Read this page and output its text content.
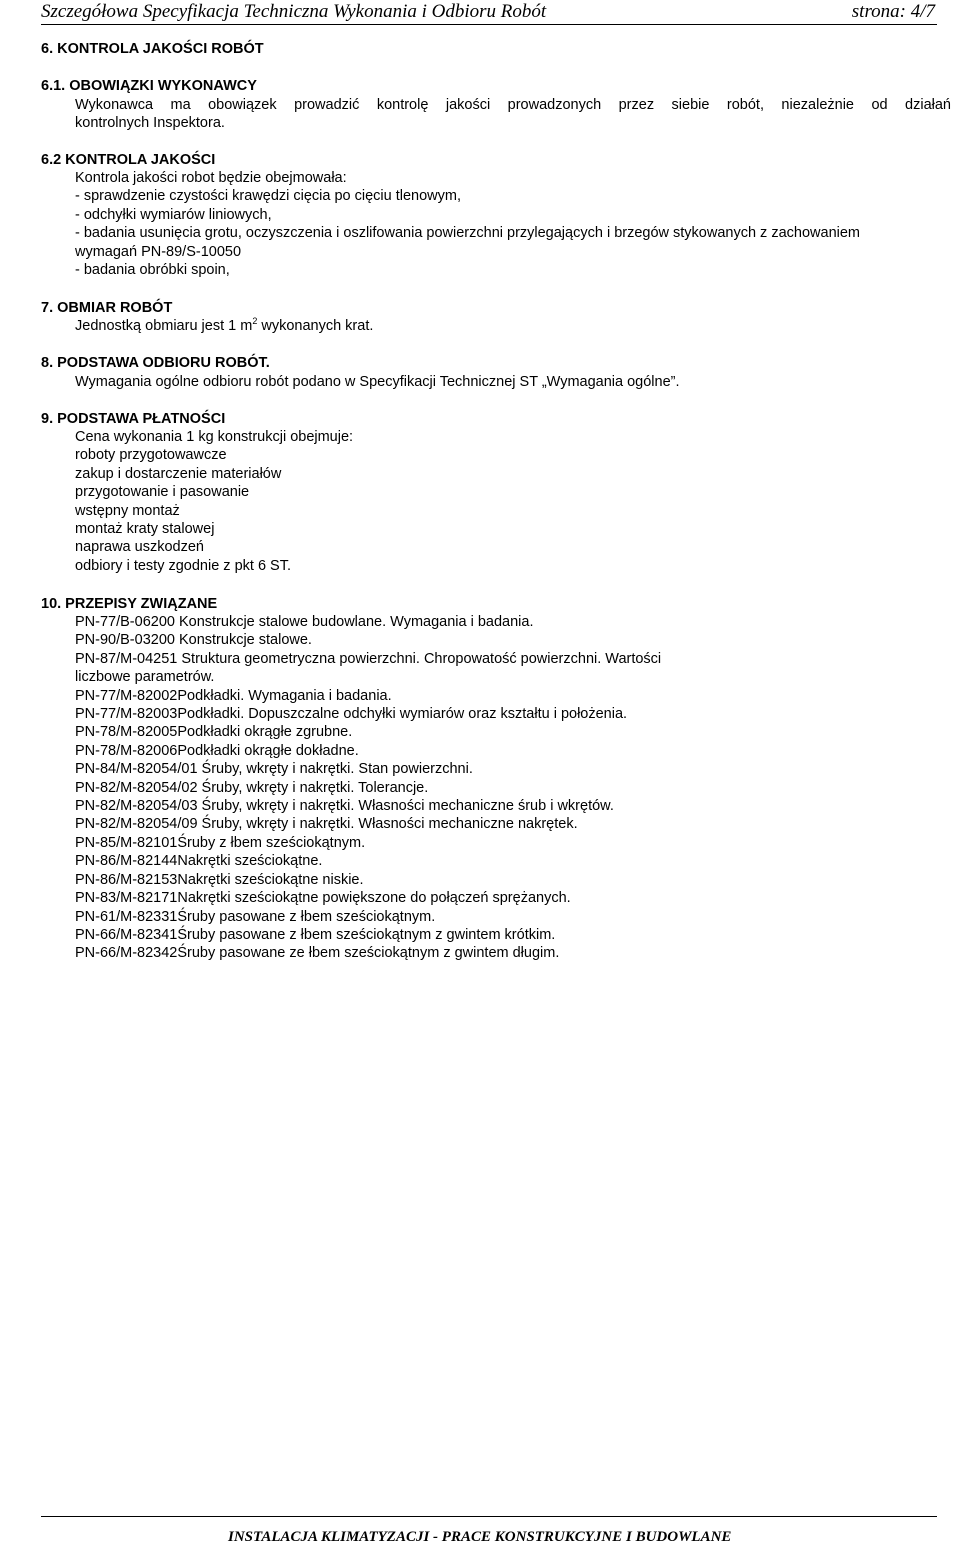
Szczegółowa Specyfikacja Techniczna Wykonania i Odbioru Robót	strona: 4/7
6. KONTROLA JAKOŚCI ROBÓT
6.1. OBOWIĄZKI WYKONAWCY
Wykonawca ma obowiązek prowadzić kontrolę jakości prowadzonych przez siebie robót, niezależnie od działań
kontrolnych Inspektora.
6.2 KONTROLA JAKOŚCI
Kontrola jakości robot będzie obejmowała:
- sprawdzenie czystości krawędzi cięcia po cięciu tlenowym,
- odchyłki wymiarów liniowych,
- badania usunięcia grotu, oczyszczenia i oszlifowania powierzchni przylegających i brzegów stykowanych z zachowaniem
wymagań PN-89/S-10050
- badania obróbki spoin,
7. OBMIAR ROBÓT
Jednostką obmiaru jest 1 $m^2$ wykonanych krat.
8. PODSTAWA ODBIORU ROBÓT.
Wymagania ogólne odbioru robót podano w Specyfikacji Technicznej ST „Wymagania ogólne”.
9. PODSTAWA PŁATNOŚCI
Cena wykonania 1 kg konstrukcji obejmuje:
roboty przygotowawcze
zakup i dostarczenie materiałów
przygotowanie i pasowanie
wstępny montaż
montaż kraty stalowej
naprawa uszkodzeń
odbiory i testy zgodnie z pkt 6 ST.
10. PRZEPISY ZWIĄZANE
PN-77/B-06200 Konstrukcje stalowe budowlane. Wymagania i badania.
PN-90/B-03200 Konstrukcje stalowe.
PN-87/M-04251 Struktura geometryczna powierzchni. Chropowatość powierzchni. Wartości
liczbowe parametrów.
PN-77/M-82002Podkładki. Wymagania i badania.
PN-77/M-82003Podkładki. Dopuszczalne odchyłki wymiarów oraz kształtu i położenia.
PN-78/M-82005Podkładki okrągłe zgrubne.
PN-78/M-82006Podkładki okrągłe dokładne.
PN-84/M-82054/01 Śruby, wkręty i nakrętki. Stan powierzchni.
PN-82/M-82054/02 Śruby, wkręty i nakrętki. Tolerancje.
PN-82/M-82054/03 Śruby, wkręty i nakrętki. Własności mechaniczne śrub i wkrętów.
PN-82/M-82054/09 Śruby, wkręty i nakrętki. Własności mechaniczne nakrętek.
PN-85/M-82101Śruby z łbem sześciokątnym.
PN-86/M-82144Nakrętki sześciokątne.
PN-86/M-82153Nakrętki sześciokątne niskie.
PN-83/M-82171Nakrętki sześciokątne powiększone do połączeń sprężanych.
PN-61/M-82331Śruby pasowane z łbem sześciokątnym.
PN-66/M-82341Śruby pasowane z łbem sześciokątnym z gwintem krótkim.
PN-66/M-82342Śruby pasowane ze łbem sześciokątnym z gwintem długim.
INSTALACJA KLIMATYZACJI - PRACE KONSTRUKCYJNE I BUDOWLANE
